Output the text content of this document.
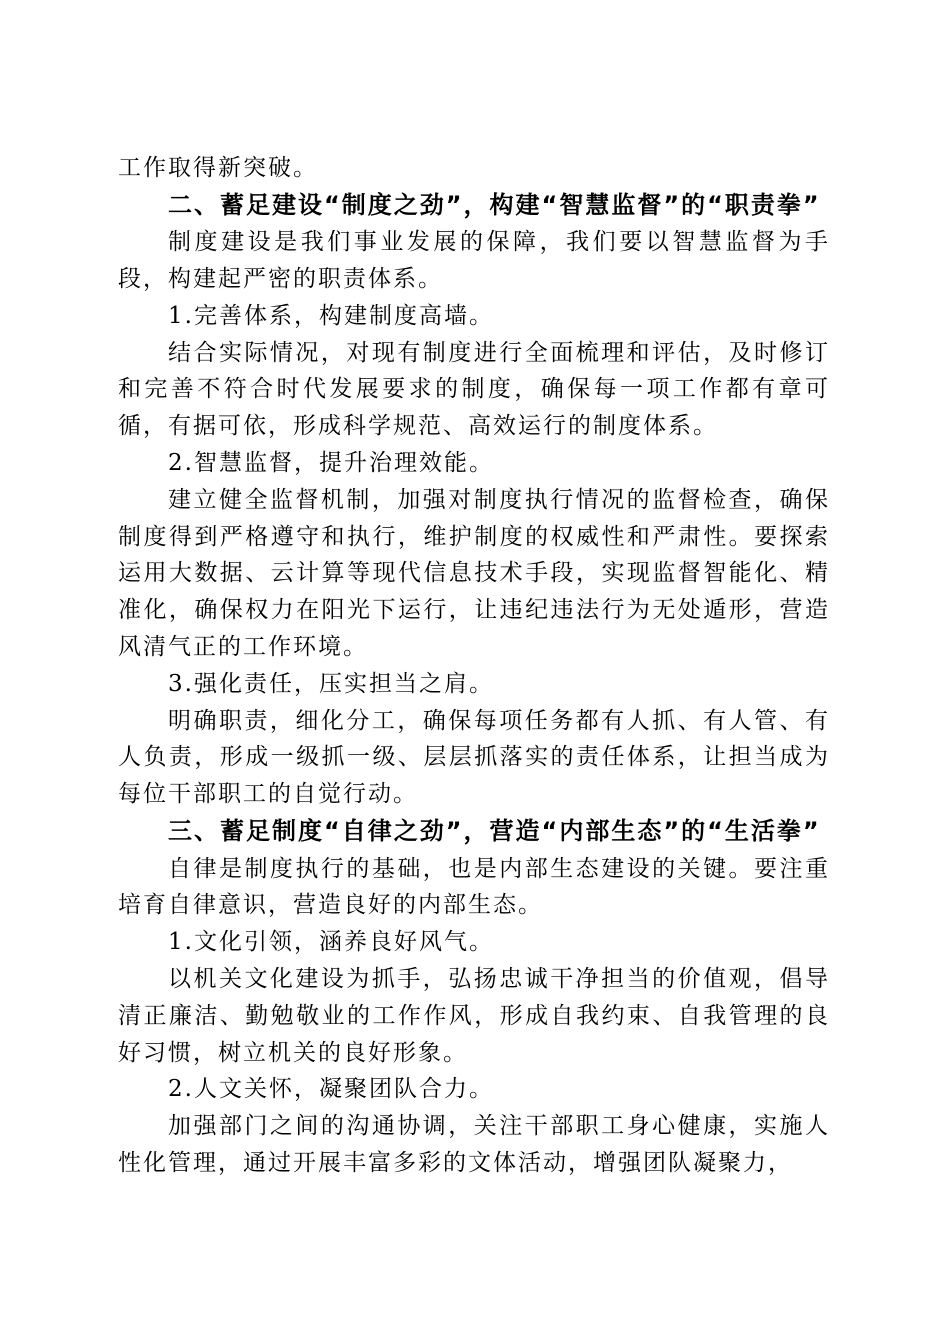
工作取得新突破。

二、蓄足建设“制度之劲”，构建“智慧监督”的“职责拳”

制度建设是我们事业发展的保障，我们要以智慧监督为手段，构建起严密的职责体系。

1.完善体系，构建制度高墙。

结合实际情况，对现有制度进行全面梳理和评估，及时修订和完善不符合时代发展要求的制度，确保每一项工作都有章可循，有据可依，形成科学规范、高效运行的制度体系。

2.智慧监督，提升治理效能。

建立健全监督机制，加强对制度执行情况的监督检查，确保制度得到严格遵守和执行，维护制度的权威性和严肃性。要探索运用大数据、云计算等现代信息技术手段，实现监督智能化、精准化，确保权力在阳光下运行，让违纪违法行为无处遁形，营造风清气正的工作环境。

3.强化责任，压实担当之肩。

明确职责，细化分工，确保每项任务都有人抓、有人管、有人负责，形成一级抓一级、层层抓落实的责任体系，让担当成为每位干部职工的自觉行动。

三、蓄足制度“自律之劲”，营造“内部生态”的“生活拳”

自律是制度执行的基础，也是内部生态建设的关键。要注重培育自律意识，营造良好的内部生态。

1.文化引领，涵养良好风气。

以机关文化建设为抓手，弘扬忠诚干净担当的价值观，倡导清正廉洁、勤勉敬业的工作作风，形成自我约束、自我管理的良好习惯，树立机关的良好形象。

2.人文关怀，凝聚团队合力。

加强部门之间的沟通协调，关注干部职工身心健康，实施人性化管理，通过开展丰富多彩的文体活动，增强团队凝聚力，
